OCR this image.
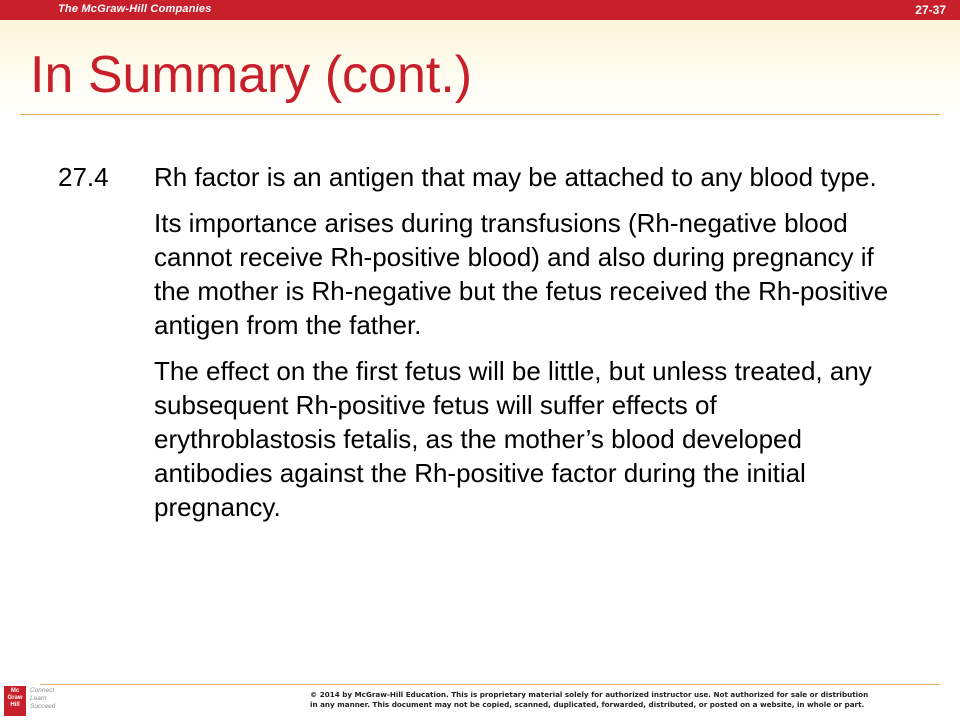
The McGraw-Hill Companies	27-37
In Summary (cont.)
27.4 Rh factor is an antigen that may be attached to any blood type.

Its importance arises during transfusions (Rh-negative blood cannot receive Rh-positive blood) and also during pregnancy if the mother is Rh-negative but the fetus received the Rh-positive antigen from the father.

The effect on the first fetus will be little, but unless treated, any subsequent Rh-positive fetus will suffer effects of erythroblastosis fetalis, as the mother’s blood developed antibodies against the Rh-positive factor during the initial pregnancy.

Mc
Graw
Hill
Connect
Learn
Succeed
© 2014 by McGraw-Hill Education. This is proprietary material solely for authorized instructor use. Not authorized for sale or distribution
in any manner. This document may not be copied, scanned, duplicated, forwarded, distributed, or posted on a website, in whole or part.
